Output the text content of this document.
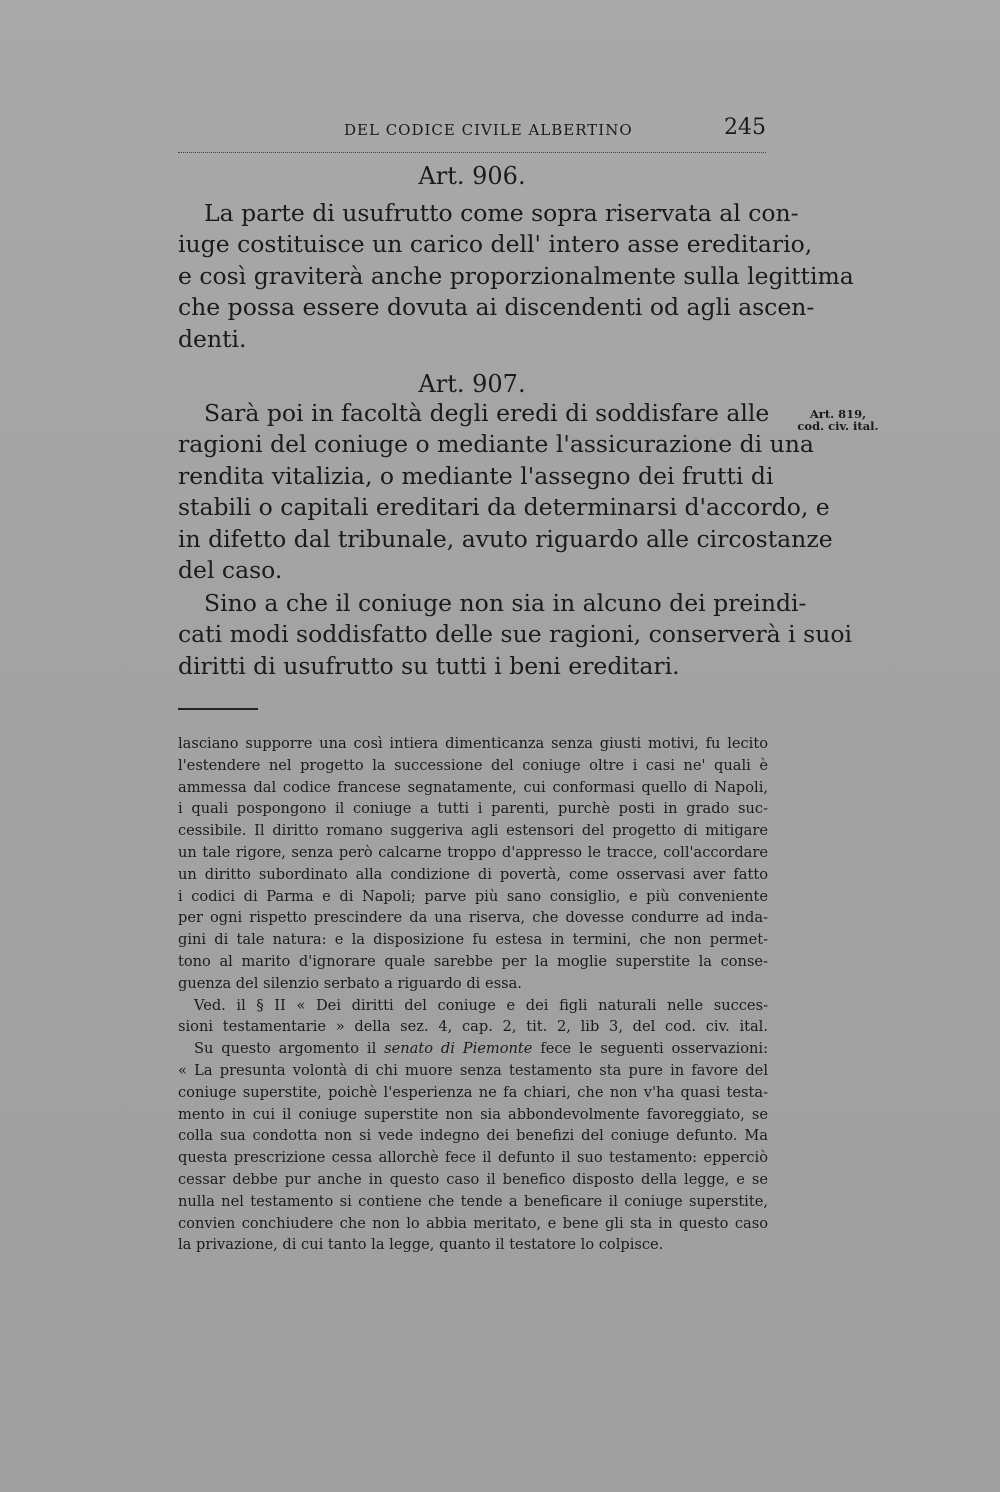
DEL CODICE CIVILE ALBERTINO	245
Art. 906.

La parte di usufrutto come sopra riservata al con-
iuge costituisce un carico dell' intero asse ereditario,
e così graviterà anche proporzionalmente sulla legittima
che possa essere dovuta ai discendenti od agli ascen-
denti.

Art. 907.

Sarà poi in facoltà degli eredi di soddisfare alle
ragioni del coniuge o mediante l'assicurazione di una
rendita vitalizia, o mediante l'assegno dei frutti di
stabili o capitali ereditari da determinarsi d'accordo, e
in difetto dal tribunale, avuto riguardo alle circostanze
del caso.

Sino a che il coniuge non sia in alcuno dei preindi-
cati modi soddisfatto delle sue ragioni, conserverà i suoi
diritti di usufrutto su tutti i beni ereditari.

Art. 819,
cod. civ. ital.
lasciano supporre una così intiera dimenticanza senza giusti motivi, fu lecito
l'estendere nel progetto la successione del coniuge oltre i casi ne' quali è
ammessa dal codice francese segnatamente, cui conformasi quello di Napoli,
i quali pospongono il coniuge a tutti i parenti, purchè posti in grado suc-
cessibile. Il diritto romano suggeriva agli estensori del progetto di mitigare
un tale rigore, senza però calcarne troppo d'appresso le tracce, coll'accordare
un diritto subordinato alla condizione di povertà, come osservasi aver fatto
i codici di Parma e di Napoli; parve più sano consiglio, e più conveniente
per ogni rispetto prescindere da una riserva, che dovesse condurre ad inda-
gini di tale natura: e la disposizione fu estesa in termini, che non permet-
tono al marito d'ignorare quale sarebbe per la moglie superstite la conse-
guenza del silenzio serbato a riguardo di essa.
Ved. il § II « Dei diritti del coniuge e dei figli naturali nelle succes-
sioni testamentarie » della sez. 4, cap. 2, tit. 2, lib 3, del cod. civ. ital.
Su questo argomento il senato di Piemonte fece le seguenti osservazioni:
« La presunta volontà di chi muore senza testamento sta pure in favore del
coniuge superstite, poichè l'esperienza ne fa chiari, che non v'ha quasi testa-
mento in cui il coniuge superstite non sia abbondevolmente favoreggiato, se
colla sua condotta non si vede indegno dei benefizi del coniuge defunto. Ma
questa prescrizione cessa allorchè fece il defunto il suo testamento: epperciò
cessar debbe pur anche in questo caso il benefico disposto della legge, e se
nulla nel testamento si contiene che tende a beneficare il coniuge superstite,
convien conchiudere che non lo abbia meritato, e bene gli sta in questo caso
la privazione, di cui tanto la legge, quanto il testatore lo colpisce.
